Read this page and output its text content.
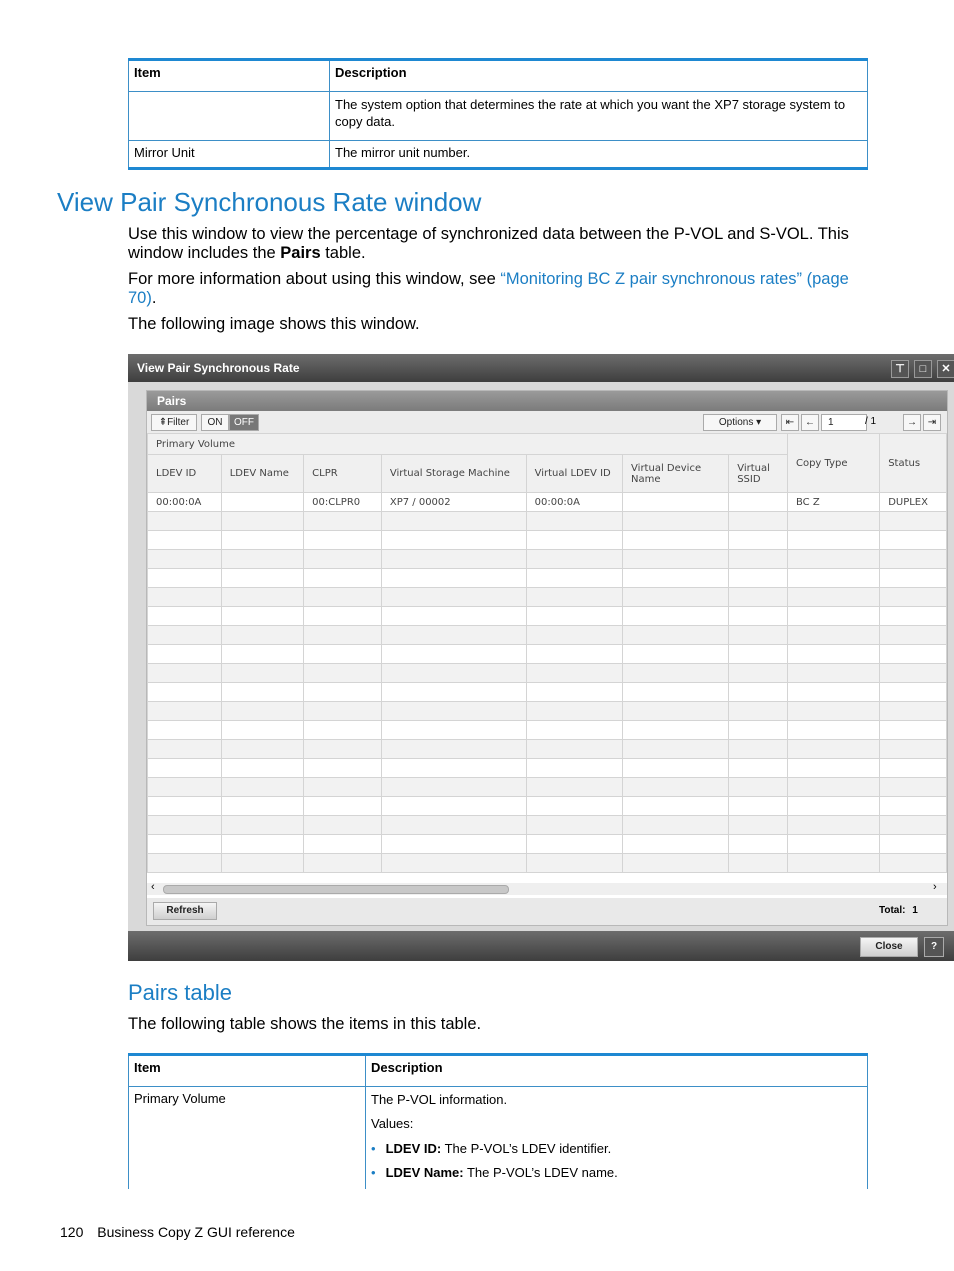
Item	Description
	The system option that determines the rate at which you want the XP7 storage system to copy data.
Mirror Unit	The mirror unit number.
View Pair Synchronous Rate window

Use this window to view the percentage of synchronized data between the P-VOL and S-VOL. This window includes the Pairs table.

For more information about using this window, see “Monitoring BC Z pair synchronous rates” (page 70).

The following image shows this window.

View Pair Synchronous Rate	⊤	□	✕
Pairs
⇞Filter	ON	OFF	Options ▾	⇤	←	1	/ 1	→	⇥
Primary Volume							Copy Type	Status
LDEV ID	LDEV Name	CLPR	Virtual Storage Machine	Virtual LDEV ID	Virtual Device Name	Virtual SSID		
00:00:0A		00:CLPR0	XP7 / 00002	00:00:0A			BC Z	DUPLEX

‹	›
Refresh	Total: 1
Close	?
Pairs table

The following table shows the items in this table.

Item	Description
Primary Volume	The P-VOL information.
Values:
• LDEV ID: The P-VOL’s LDEV identifier.
• LDEV Name: The P-VOL’s LDEV name.
120 Business Copy Z GUI reference
